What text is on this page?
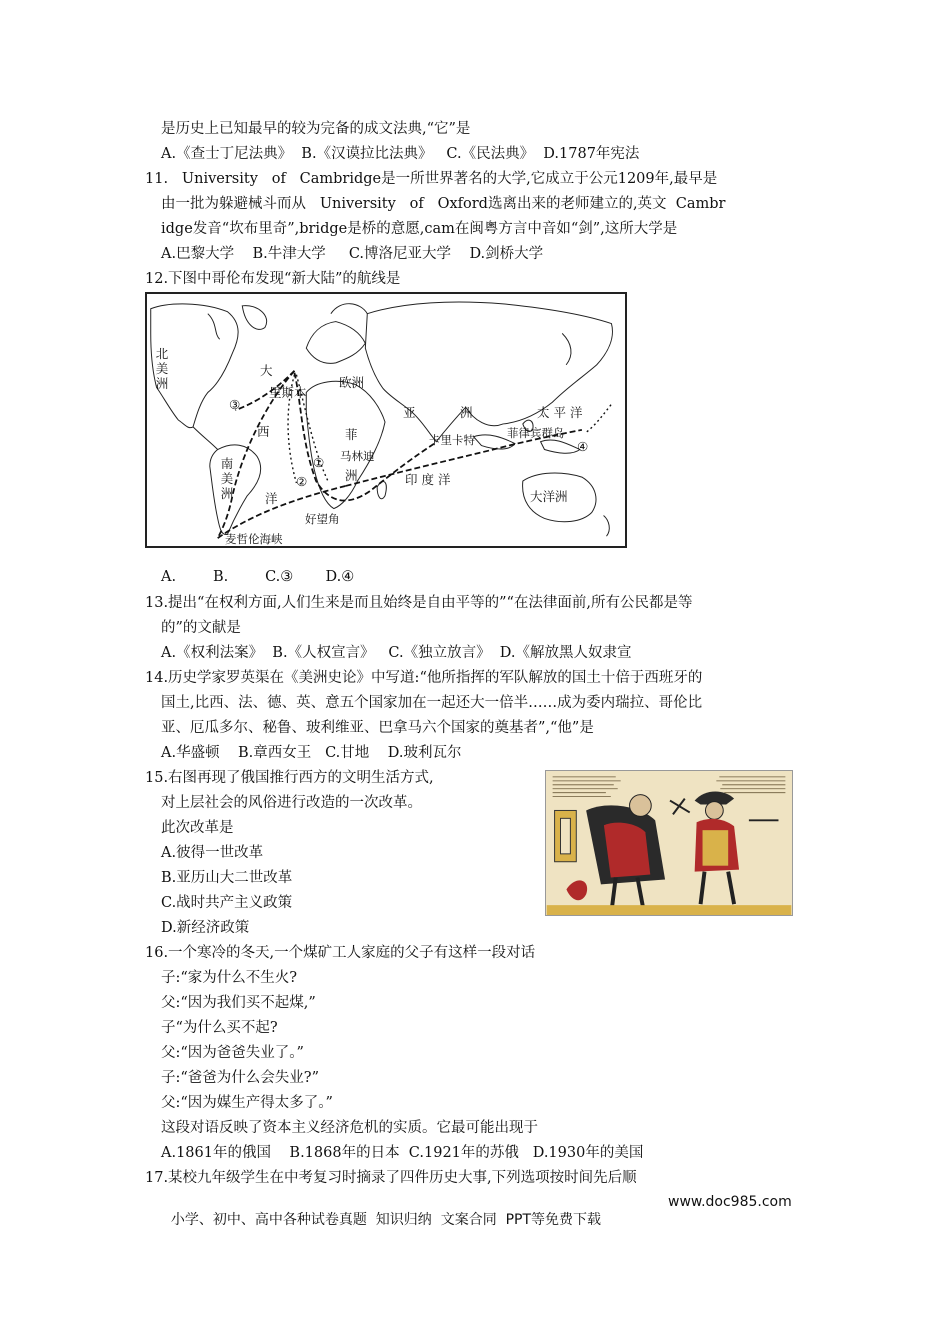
是历史上已知最早的较为完备的成文法典,“它”是
A.《查士丁尼法典》  B.《汉谟拉比法典》   C.《民法典》  D.1787年宪法
11.   University   of   Cambridge是一所世界著名的大学,它成立于公元1209年,最早是
由一批为躲避械斗而从   University   of   Oxford选离出来的老师建立的,英文  Cambr
idge发音“坎布里奇”,bridge是桥的意愿,cam在闽粤方言中音如“剑”,这所大学是
A.巴黎大学    B.牛津大学     C.博洛尼亚大学    D.剑桥大学
12.下图中哥伦布发现“新大陆”的航线是
北美洲
大
西
洋
里斯本
欧洲
亚	洲	太 平 洋
卡里卡特	菲律宾群岛
菲
马林迪
洲
南美洲
印 度 洋
大洋洲
好望角
麦哲伦海峡
①
②
③
④
A.        B.        C.③       D.④
13.提出“在权利方面,人们生来是而且始终是自由平等的”“在法律面前,所有公民都是等
的”的文献是
A.《权利法案》  B.《人权宣言》   C.《独立放言》  D.《解放黑人奴隶宣
14.历史学家罗英渠在《美洲史论》中写道:“他所指挥的军队解放的国土十倍于西班牙的
国土,比西、法、德、英、意五个国家加在一起还大一倍半……成为委内瑞拉、哥伦比
亚、厄瓜多尔、秘鲁、玻利维亚、巴拿马六个国家的奠基者”,“他”是
A.华盛顿    B.章西女王   C.甘地    D.玻利瓦尔
15.右图再现了俄国推行西方的文明生活方式,
对上层社会的风俗进行改造的一次改革。
此次改革是
A.彼得一世改革
B.亚历山大二世改革
C.战时共产主义政策
D.新经济政策
16.一个寒冷的冬天,一个煤矿工人家庭的父子有这样一段对话
子:“家为什么不生火?
父:“因为我们买不起煤,”
子“为什么买不起?
父:“因为爸爸失业了。”
子:“爸爸为什么会失业?”
父:“因为媒生产得太多了。”
这段对语反映了资本主义经济危机的实质。它最可能出现于
A.1861年的俄国    B.1868年的日本  C.1921年的苏俄   D.1930年的美国
17.某校九年级学生在中考复习时摘录了四件历史大事,下列选项按时间先后顺

小学、初中、高中各种试卷真题  知识归纳  文案合同  PPT等免费下载

www.doc985.com
